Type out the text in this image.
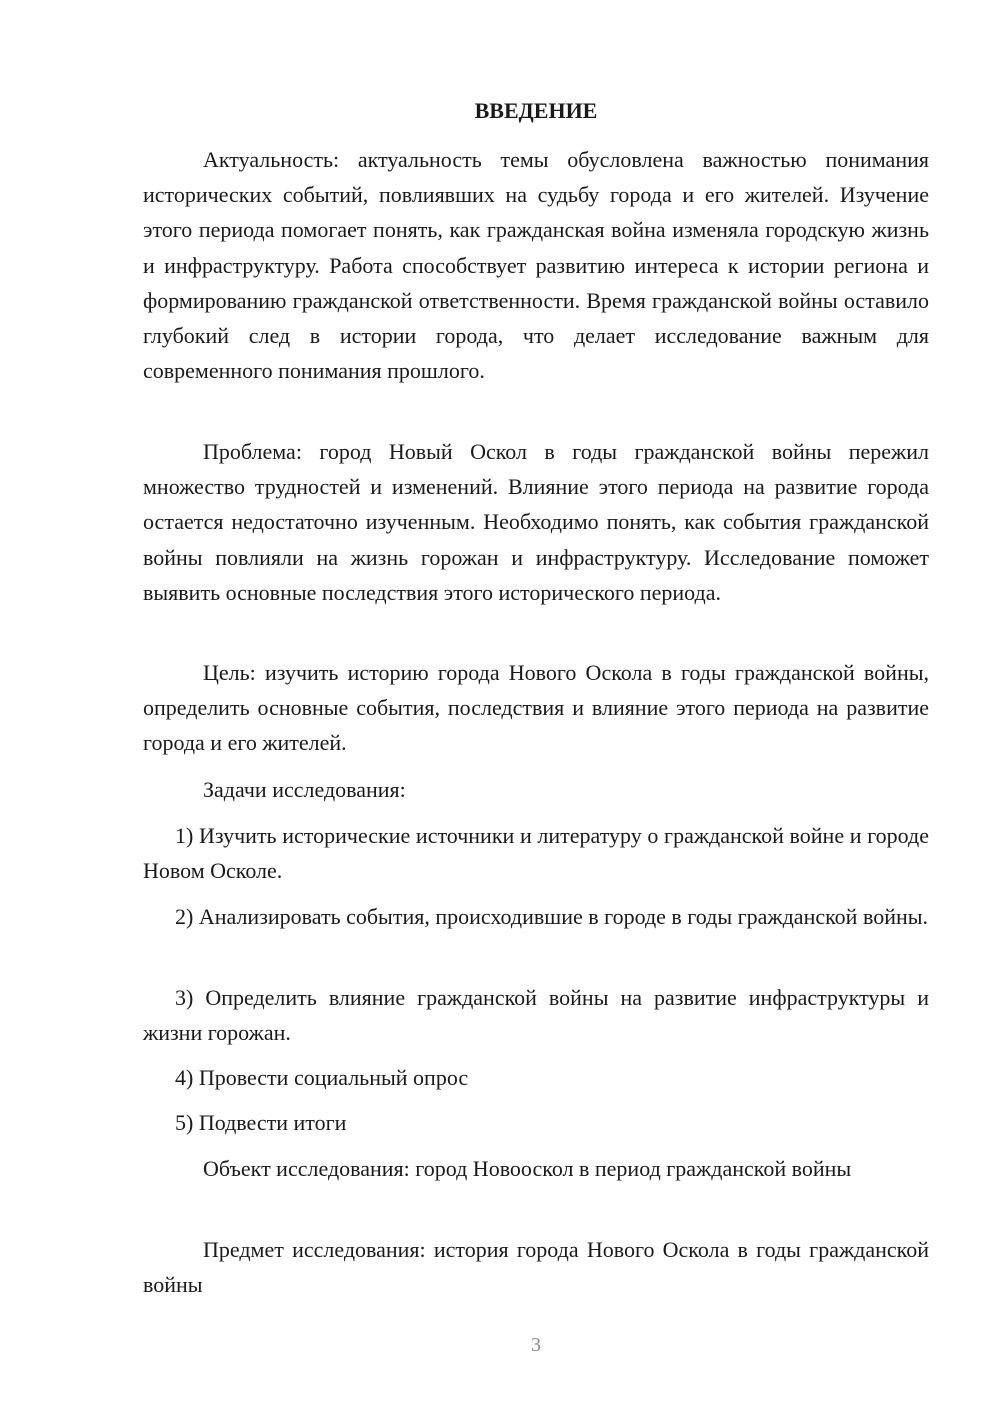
ВВЕДЕНИЕ

Актуальность: актуальность темы обусловлена важностью понимания исторических событий, повлиявших на судьбу города и его жителей. Изучение этого периода помогает понять, как гражданская война изменяла городскую жизнь и инфраструктуру. Работа способствует развитию интереса к истории региона и формированию гражданской ответственности. Время гражданской войны оставило глубокий след в истории города, что делает исследование важным для современного понимания прошлого.

Проблема: город Новый Оскол в годы гражданской войны пережил множество трудностей и изменений. Влияние этого периода на развитие города остается недостаточно изученным. Необходимо понять, как события гражданской войны повлияли на жизнь горожан и инфраструктуру. Исследование поможет выявить основные последствия этого исторического периода.

Цель: изучить историю города Нового Оскола в годы гражданской войны, определить основные события, последствия и влияние этого периода на развитие города и его жителей.

Задачи исследования:

1) Изучить исторические источники и литературу о гражданской войне и городе Новом Осколе.

2) Анализировать события, происходившие в городе в годы гражданской войны.

3) Определить влияние гражданской войны на развитие инфраструктуры и жизни горожан.

4) Провести социальный опрос

5) Подвести итоги

Объект исследования: город Новооскол в период гражданской войны

Предмет исследования: история города Нового Оскола в годы гражданской войны

3
